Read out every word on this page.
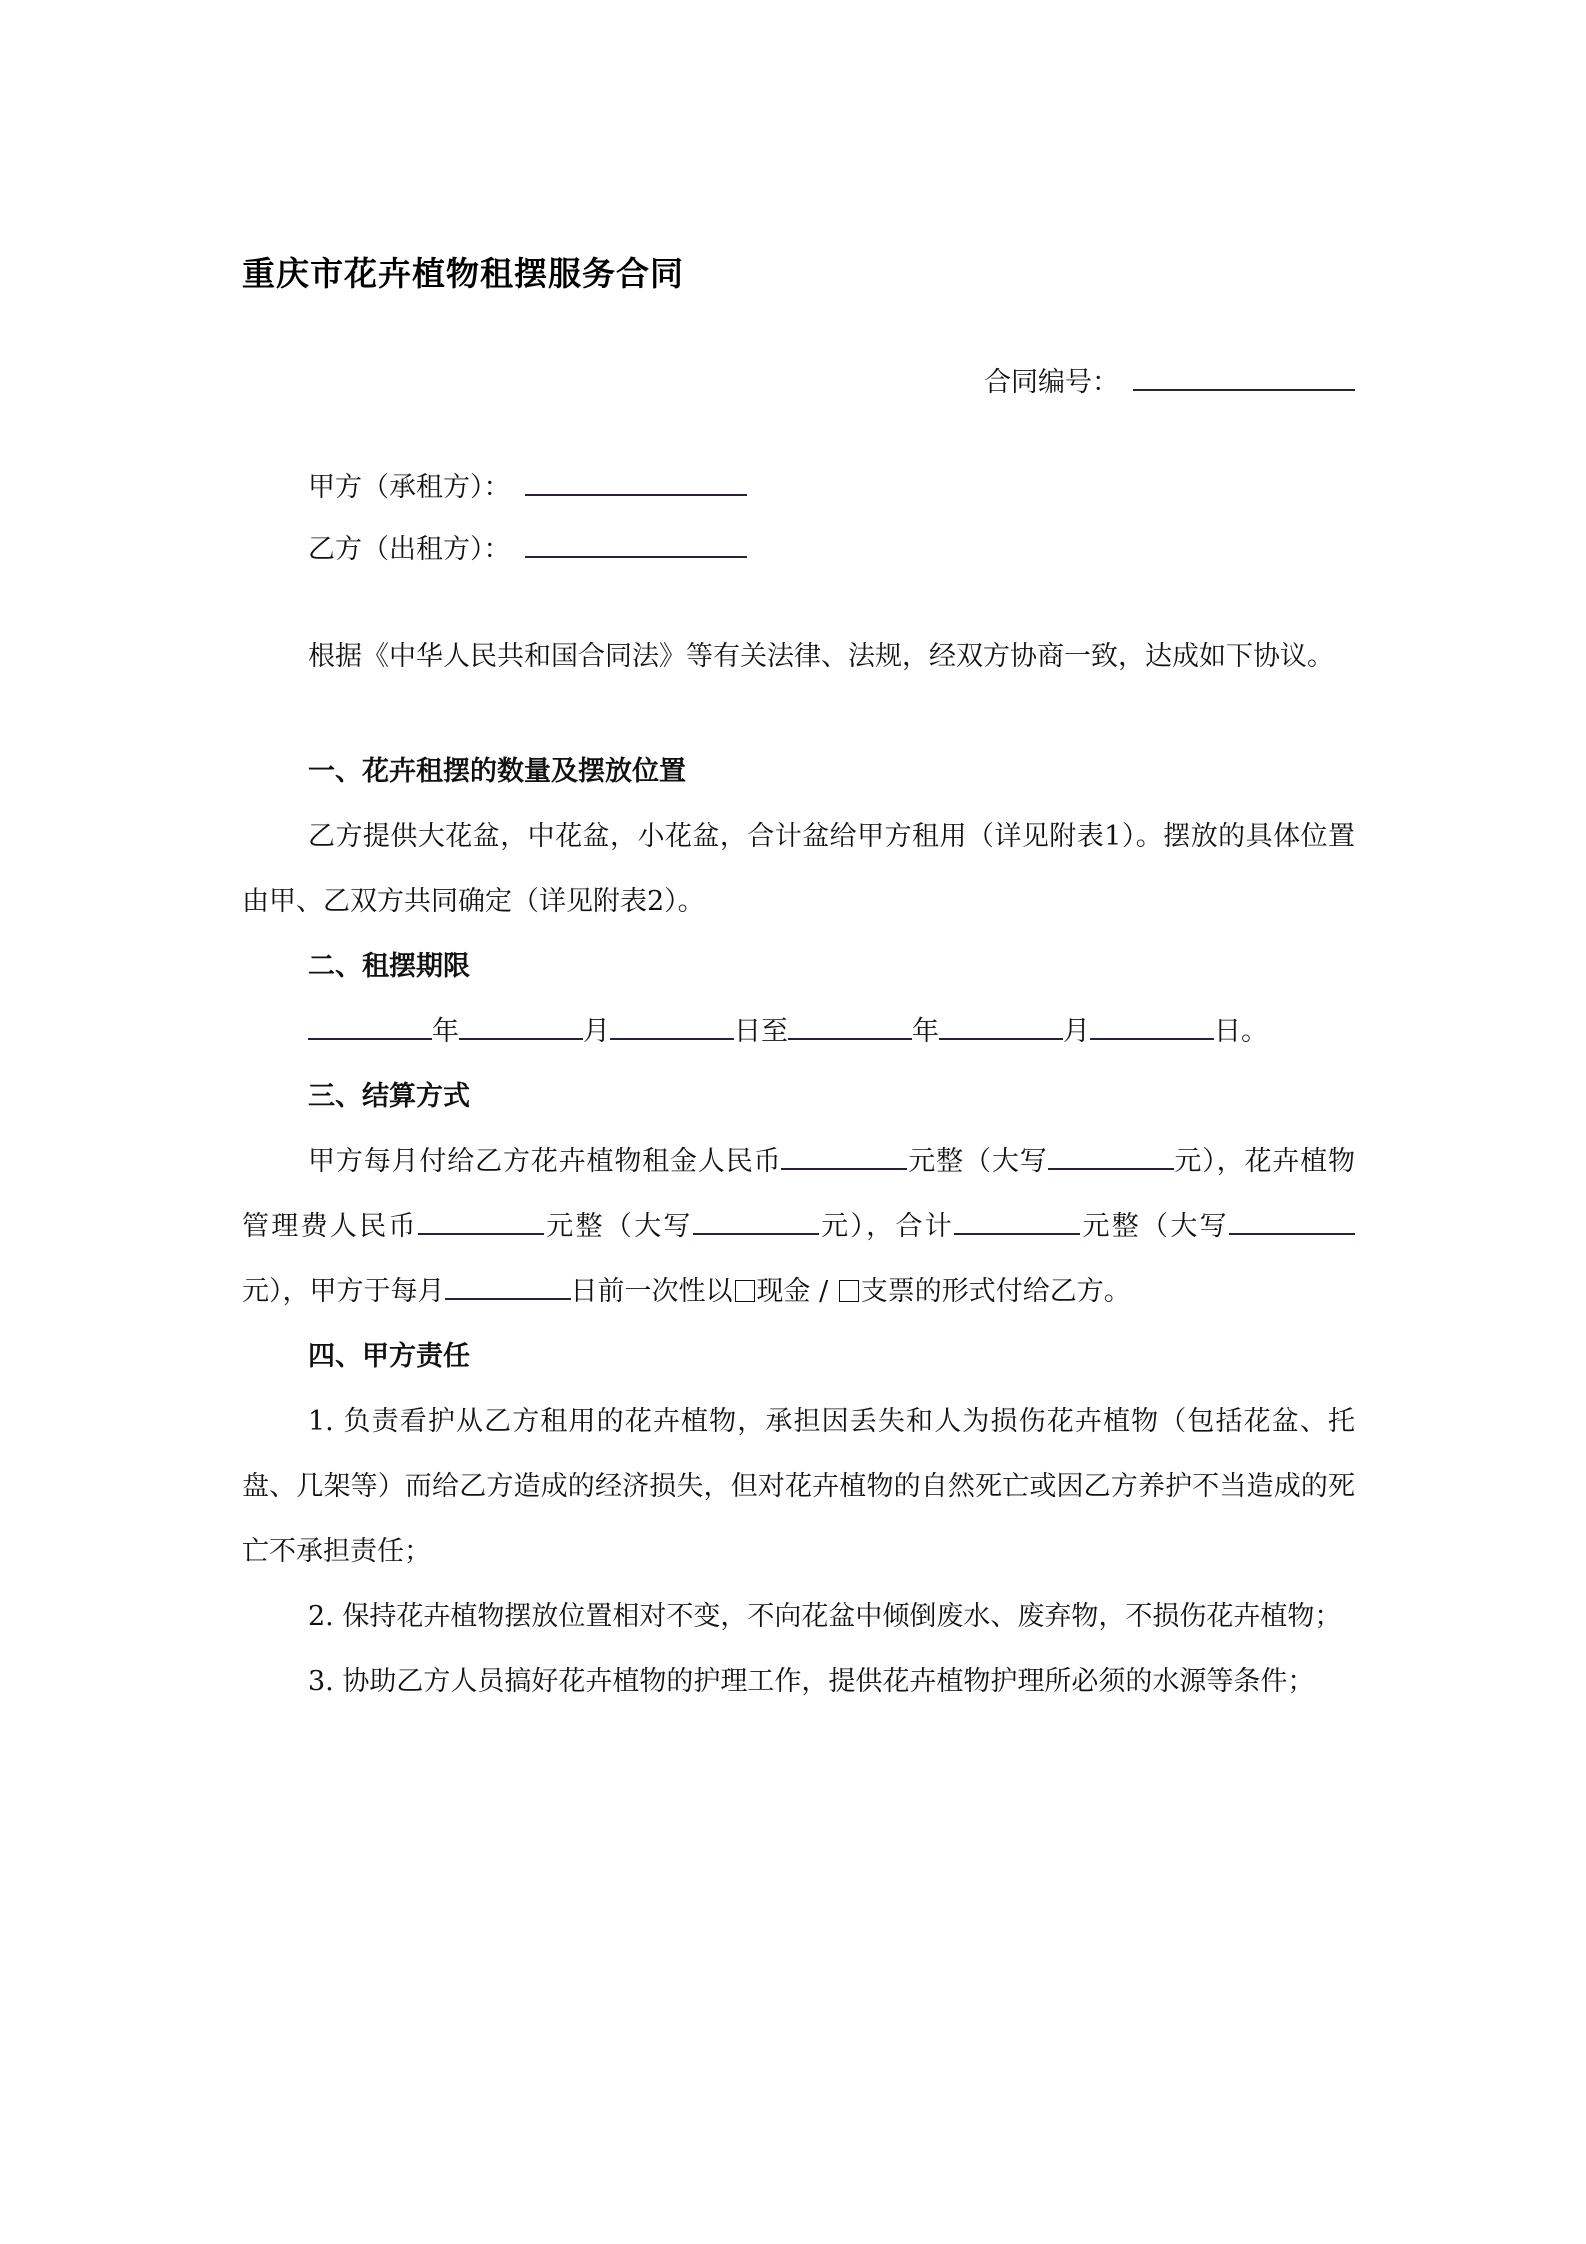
重庆市花卉植物租摆服务合同
合同编号：
甲方（承租方）：
乙方（出租方）：

根据《中华人民共和国合同法》等有关法律、法规，经双方协商一致，达成如下协议。

一、花卉租摆的数量及摆放位置

乙方提供大花盆，中花盆，小花盆，合计盆给甲方租用（详见附表1）。摆放的具体位置由甲、乙双方共同确定（详见附表2）。

二、租摆期限

年	月	日至	年	月	日。

三、结算方式

甲方每月付给乙方花卉植物租金人民币	元整（大写	元），花卉植物管理费人民币	元整（大写	元），合计	元整（大写元），甲方于每月	日前一次性以 现金 / 支票的形式付给乙方。

四、甲方责任

1. 负责看护从乙方租用的花卉植物，承担因丢失和人为损伤花卉植物（包括花盆、托盘、几架等）而给乙方造成的经济损失，但对花卉植物的自然死亡或因乙方养护不当造成的死亡不承担责任；

2. 保持花卉植物摆放位置相对不变，不向花盆中倾倒废水、废弃物，不损伤花卉植物；

3. 协助乙方人员搞好花卉植物的护理工作，提供花卉植物护理所必须的水源等条件；
